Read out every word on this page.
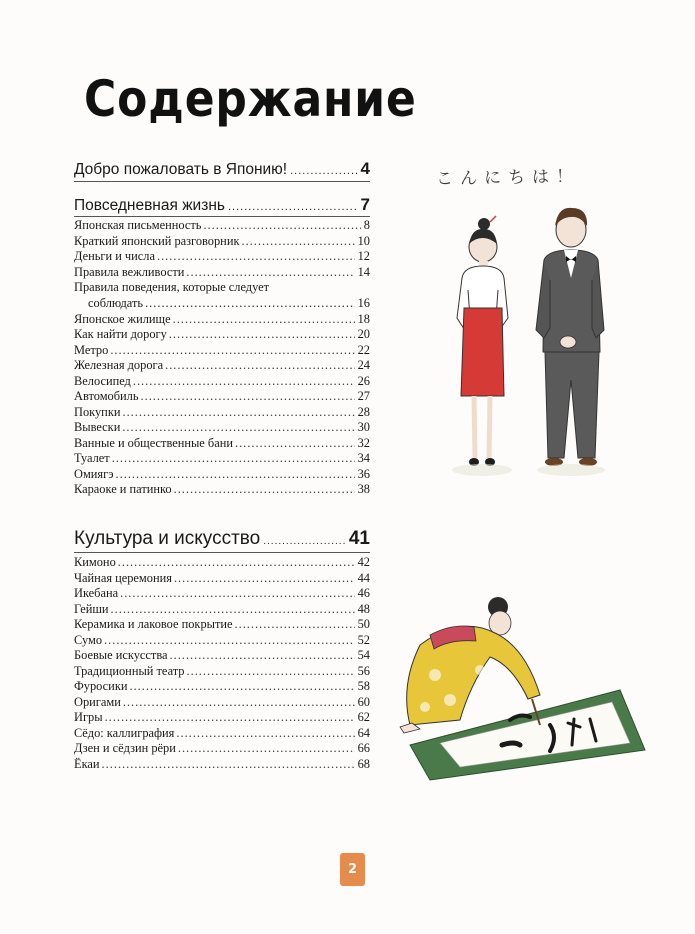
Содержание
Добро пожаловать в Японию! .....	4
Повседневная жизнь .....	7
Японская письменность .....	8
Краткий японский разговорник .....	10
Деньги и числа .....	12
Правила вежливости .....	14
Правила поведения, которые следует
соблюдать .....	16
Японское жилище .....	18
Как найти дорогу .....	20
Метро .....	22
Железная дорога .....	24
Велосипед .....	26
Автомобиль .....	27
Покупки .....	28
Вывески .....	30
Ванные и общественные бани .....	32
Туалет .....	34
Омиягэ .....	36
Караоке и патинко .....	38
Культура и искусство .....	41
Кимоно .....	42
Чайная церемония .....	44
Икебана .....	46
Гейши .....	48
Керамика и лаковое покрытие .....	50
Сумо .....	52
Боевые искусства .....	54
Традиционный театр .....	56
Фуросики .....	58
Оригами .....	60
Игры .....	62
Сёдо: каллиграфия .....	64
Дзен и сёдзин рёри .....	66
Ёкаи .....	68
こんにちは！
2
